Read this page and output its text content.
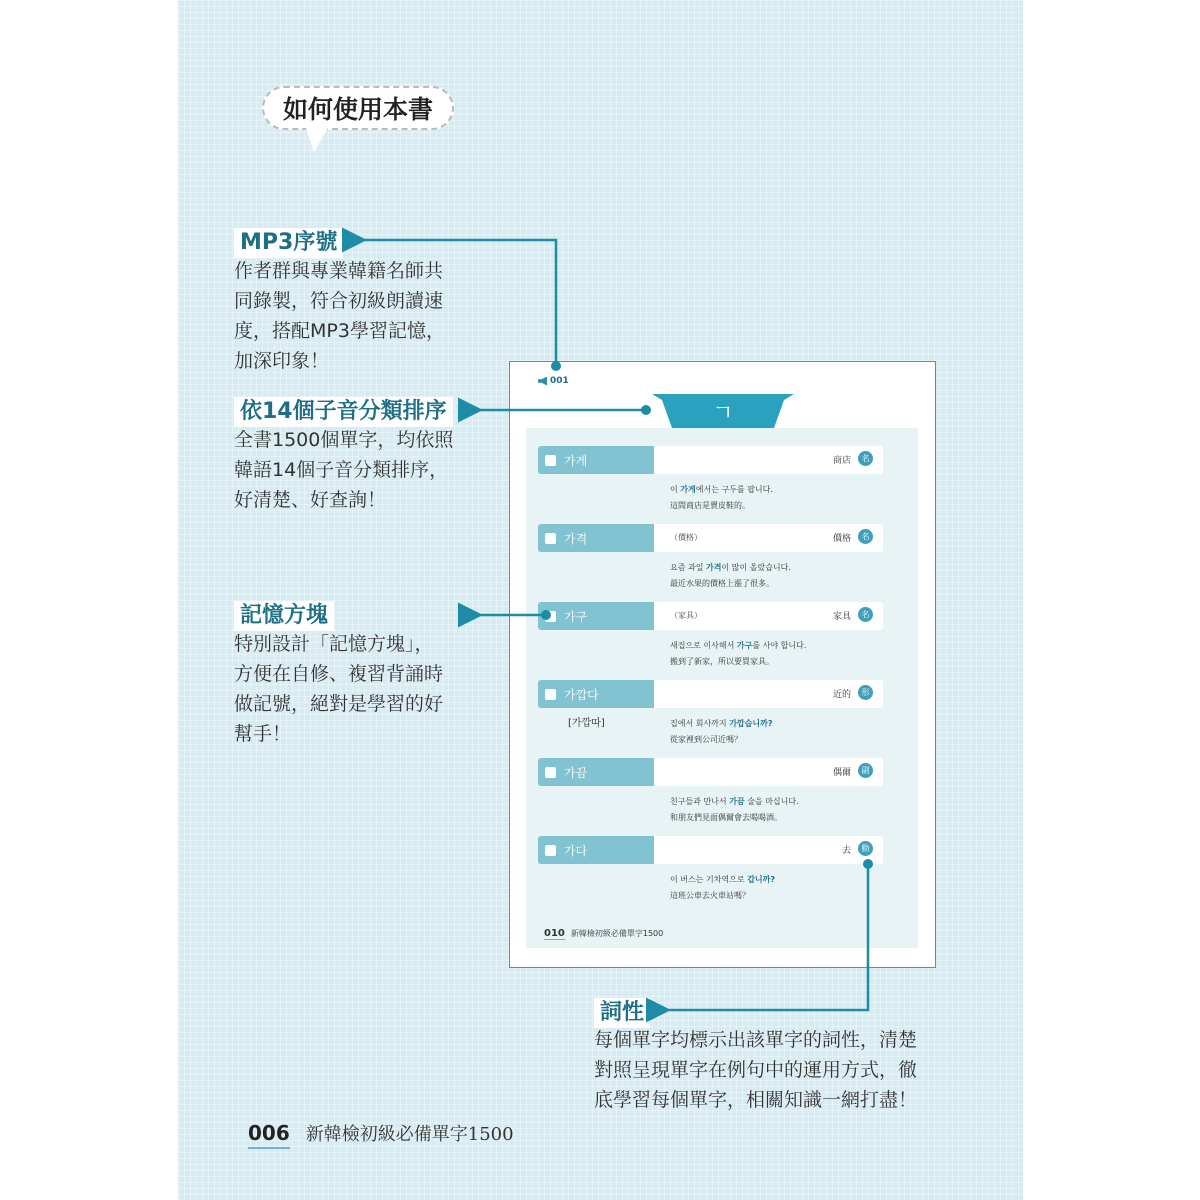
如何使用本書
MP3序號
作者群與專業韓籍名師共
同錄製，符合初級朗讀速
度，搭配MP3學習記憶，
加深印象！
依14個子音分類排序
全書1500個單字，均依照
韓語14個子音分類排序，
好清楚、好查詢！
記憶方塊
特別設計「記憶方塊」，
方便在自修、複習背誦時
做記號，絕對是學習的好
幫手！
詞性
每個單字均標示出該單字的詞性，清楚
對照呈現單字在例句中的運用方式，徹
底學習每個單字，相關知識一網打盡！
001
ㄱ
가게	商店	名
이 가게에서는 구두를 팝니다.
這間商店是賣皮鞋的。
가격	（價格）	價格	名
요즘 과일 가격이 많이 올랐습니다.
最近水果的價格上漲了很多。
가구	（家具）	家具	名
새집으로 이사해서 가구를 사야 합니다.
搬到了新家，所以要買家具。
가깝다	近的	形
[가깝따]	집에서 회사까지 가깝습니까?
從家裡到公司近嗎？
가끔	偶爾	副
친구들과 만나서 가끔 술을 마십니다.
和朋友們見面偶爾會去喝喝酒。
가다	去	動
이 버스는 기차역으로 갑니까?
這班公車去火車站嗎？
010 新韓檢初級必備單字1500
006 新韓檢初級必備單字1500
